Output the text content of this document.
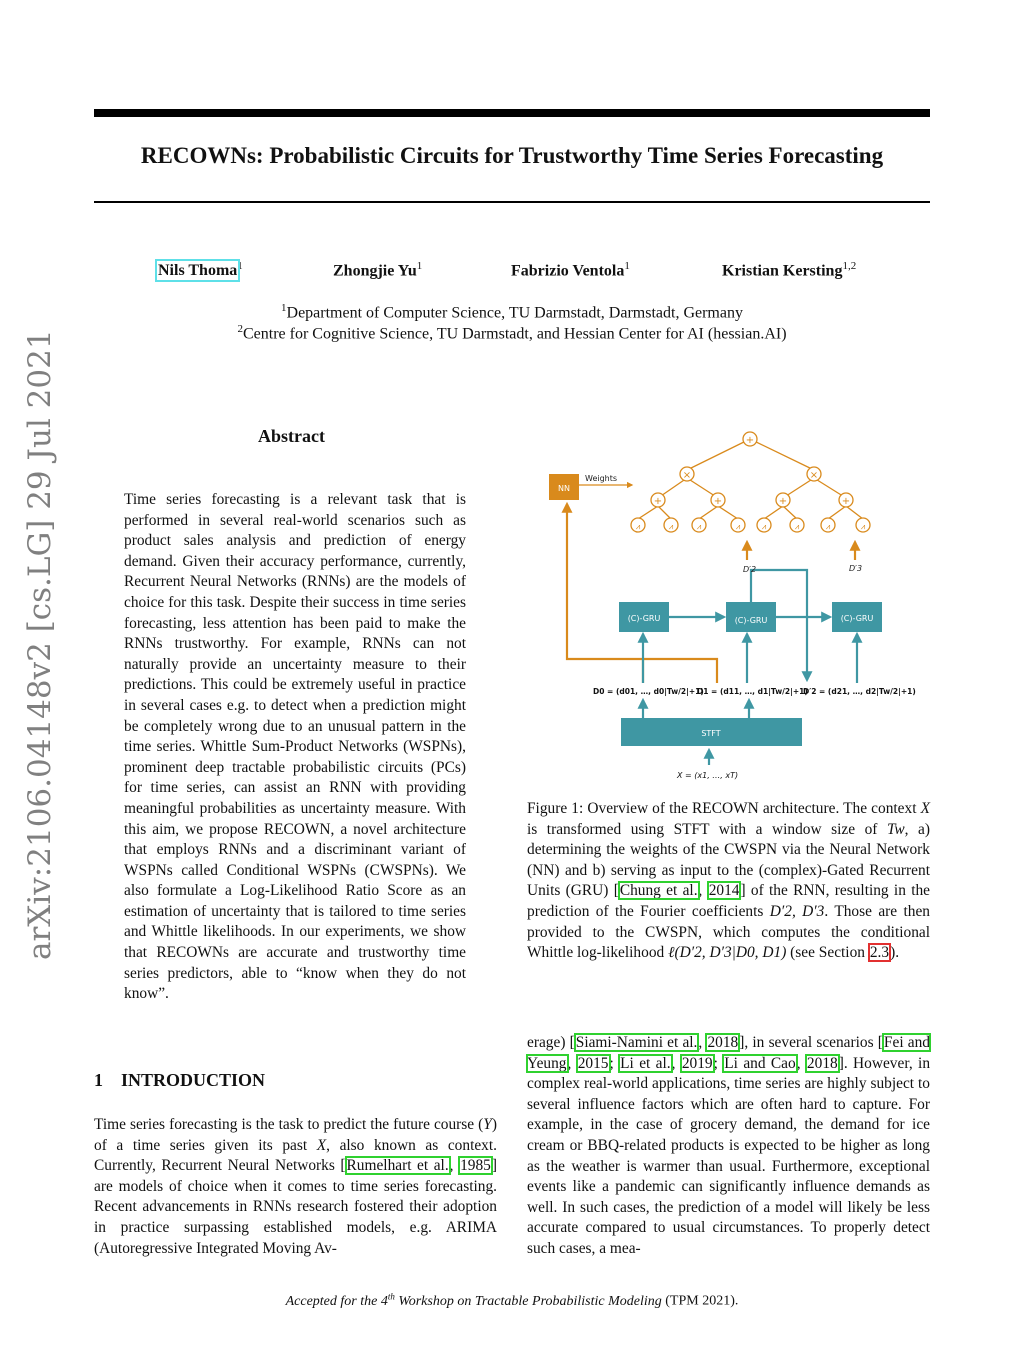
RECOWNs: Probabilistic Circuits for Trustworthy Time Series Forecasting
Nils Thoma$^1$	Zhongjie Yu$^1$	Fabrizio Ventola$^1$	Kristian Kersting$^{1,2}$
$^1$Department of Computer Science, TU Darmstadt, Darmstadt, Germany
$^2$Centre for Cognitive Science, TU Darmstadt, and Hessian Center for AI (hessian.AI)
arXiv:2106.04148v2 [cs.LG] 29 Jul 2021	Abstract
Time series forecasting is a relevant task that is performed in several real-world scenarios such as product sales analysis and prediction of energy demand. Given their accuracy performance, currently, Recurrent Neural Networks (RNNs) are the models of choice for this task. Despite their success in time series forecasting, less attention has been paid to make the RNNs trustworthy. For example, RNNs can not naturally provide an uncertainty measure to their predictions. This could be extremely useful in practice in several cases e.g. to detect when a prediction might be completely wrong due to an unusual pattern in the time series. Whittle Sum-Product Networks (WSPNs), prominent deep tractable probabilistic circuits (PCs) for time series, can assist an RNN with providing meaningful probabilities as uncertainty measure. With this aim, we propose RECOWN, a novel architecture that employs RNNs and a discriminant variant of WSPNs called Conditional WSPNs (CWSPNs). We also formulate a Log-Likelihood Ratio Score as an estimation of uncertainty that is tailored to time series and Whittle likelihoods. In our experiments, we show that RECOWNs are accurate and trustworthy time series predictors, able to “know when they do not know”.
1 INTRODUCTION
Time series forecasting is the task to predict the future course (Y) of a time series given its past X, also known as context. Currently, Recurrent Neural Networks [Rumelhart et al., 1985] are models of choice when it comes to time series forecasting. Recent advancements in RNNs research fostered their adoption in practice surpassing established models, e.g. ARIMA (Autoregressive Integrated Moving Av-
erage) [Siami-Namini et al., 2018], in several scenarios [Fei and Yeung, 2015; Li et al., 2019; Li and Cao, 2018]. However, in complex real-world applications, time series are highly subject to several influence factors which are often hard to capture. For example, in the case of grocery demand, the demand for ice cream or BBQ-related products is expected to be higher as long as the weather is warmer than usual. Furthermore, exceptional events like a pandemic can significantly influence demands as well. In such cases, the prediction of a model will likely be less accurate compared to usual circumstances. To properly detect such cases, a mea-
+
×	×
+	+	+	+
⩘	⩘	⩘	⩘	⩘	⩘	⩘	⩘
NN
Weights
(C)-GRU	(C)-GRU	(C)-GRU
D′2	D′3
D0 = (d01, …, d0|Tw/2|+1)
D1 = (d11, …, d1|Tw/2|+1)
D′2 = (d21, …, d2|Tw/2|+1)
STFT
X = (x1, …, xT)
Figure 1: Overview of the RECOWN architecture. The context X is transformed using STFT with a window size of Tw, a) determining the weights of the CWSPN via the Neural Network (NN) and b) serving as input to the (complex)-Gated Recurrent Units (GRU) [Chung et al., 2014] of the RNN, resulting in the prediction of the Fourier coefficients D′2, D′3. Those are then provided to the CWSPN, which computes the conditional Whittle log-likelihood ℓ(D′2, D′3|D0, D1) (see Section 2.3).
Accepted for the 4th Workshop on Tractable Probabilistic Modeling (TPM 2021).
